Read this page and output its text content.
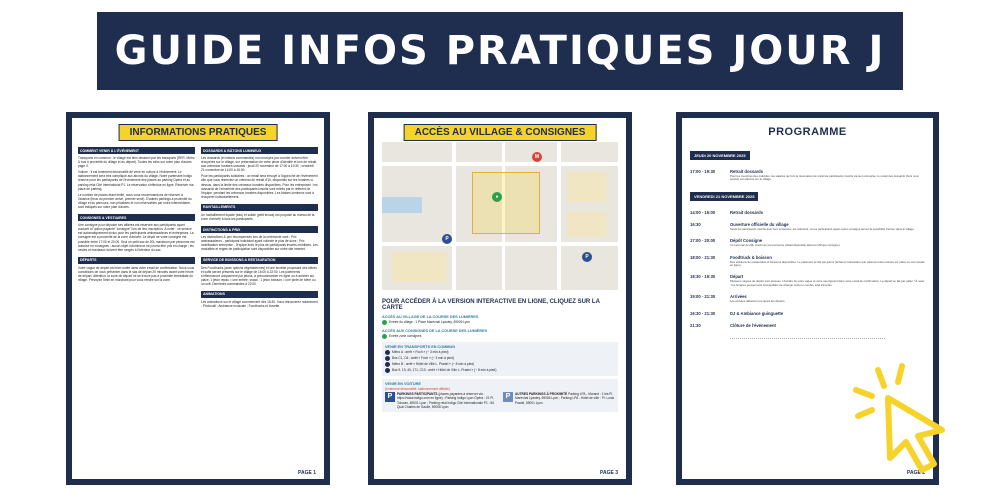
GUIDE INFOS PRATIQUES JOUR J
INFORMATIONS PRATIQUES
COMMENT VENIR À L'ÉVÉNEMENT
Transports en commun : le village est bien desservi par les transports (RER, Métro & bus à proximité du village et du départ). Toutes les infos sur notre plan d'accès page 3.
Voiture : Il est fortement déconseillé de venir en voiture à l'événement. Le stationnement sera très compliqué aux abords du village. Notre partenaire Indigo réserve pour les participants de l'événement des places au parking Opéra et au parking relai Cité International P1. Le réservation s'effectue en ligne. Réserver ma place de parking.
Le nombre de places étant limité, nous vous recommandons de réserver à l'avance (lieux du premier arrivé, premier servi). D'autres parkings à proximité du village et du parcours, non privatisés et non réservables par notre intermédiaire, sont indiqués sur notre plan d'accès.
CONSIGNES & VESTIAIRES
Une consigne pour déposer ses affaires est réservée aux participants ayant souscrit à l'option payante "consigne" lors de leur inscription. À noter : ce service est automatiquement inclus pour les participants ambassadeurs et entreprises. La consigne est à proximité de la zone d'arrivée. Le dépôt de votre consigne est possible entre 17:00 et 20:00. Seul un petit sac de 20L maximum par personne est autorisé en consignes : aucun objet volumineux ne pourra être pris en charge ; les vestes et manteaux doivent être rangés à l'intérieur du sac.
DÉPARTS
Votre vague de départ est bien notée dans votre email de confirmation. Nous vous conseillons de vous présenter dans le sas de départ 20 minutes avant votre heure de départ. Attention, la zone de départ ne se trouve pas à proximité immédiate du village. Prévoyez 5min en marchant pour vous rendre sur la zone.
DOSSARDS & BÂTONS LUMINEUX
Les dossards (et bâtons commandés) non envoyés par courrier doivent être récupérés sur le village, sur présentation de votre pièce d'identité et bon de retrait, aux créneaux horaires suivants : jeudi 20 novembre de 17:00 à 19:30 ; vendredi 21 novembre de 14:00 à 16:00.
Pour les participants solidaires : un email sera envoyé à l'approche de l'événement afin que vous réserviez un créneau de retrait d'1h, disponible sur les horaires ci-dessus, dans la limite des créneaux horaires disponibles. Pour les entreprises : les dossards de l'ensemble des participants inscrits sont retirés par le référent de l'équipe, pendant les créneaux horaires disponibles. Les bâtons lumineux sont à récupérer individuellement.
RAVITAILLEMENTS
Un ravitaillement liquide (eau) et solide (petit encas) est proposé au niveau de la zone d'arrivée à tous les participants.
DISTINCTIONS & PRIX
Les distinctions & prix récompensés lors de la cérémonie sont : Prix ambassadeurs - participant individuel ayant collecté le plus de dons ; Prix mobilisation entreprise - l'équipe avec le plus de participants inscrits mobilisés. Les modalités et règles de participation sont disponibles sur notre site internet.
SERVICE DE BOISSONS & RESTAURATION
Des Foodtrucks (avec options végétariennes) et une buvette proposant des bières et softs seront présents sur le village de 16:00 à 22:00. Les paiements s'effectueront uniquement par jetons, à précommander en ligne ou à acheter sur place. 1 jeton repas = une entrée, snack ; 1 jeton boisson = une pinte de bière ou un soft. Dernières commandes à 22:00.
ANIMATIONS
Les animations sur le village commencent dès 16:30. Vous retrouverez notamment : Photocall ; Ambiance musicale ; Foodtrucks et buvette.
PAGE 1
ACCÈS AU VILLAGE & CONSIGNES
P
P
M
●
POUR ACCÉDER À LA VERSION INTERACTIVE EN LIGNE, CLIQUEZ SUR LA CARTE
ACCÈS AU VILLAGE DE LA COURSE DES LUMIÈRES
Entrée du village : 1 Place Maréchal Lyautey, 69006 Lyon
ACCÈS AUX CONSIGNES DE LA COURSE DES LUMIÈRES
Entrée zone consignes
VENIR EN TRANSPORTS EN COMMUN
Métro A : arrêt « Foch » (~ 3 min à pied)
Bus C1, C6 : arrêt « Foch » (~ 3 min à pied)
Métro B : arrêt « Hôtel de Ville L. Pradel » (~ 8 min à pied)
Bus 9, 19, 40, 171, C13 : arrêt « Hôtel de Ville L. Pradel » (~ 8 min à pied)
VENIR EN VOITURE
(fortement déconseillé, stationnement difficile)
P	PARKINGS PARTICIPANTS (places payantes à réserver via https://www.indigo.com en ligne) ; Parking Indigo Lyon Opéra : 21 Pl. Tolozan, 69001 Lyon ; Parking relai Indigo Cité Internationale P1 : 84 Quai Charles de Gaulle, 69006 Lyon
P	AUTRES PARKINGS À PROXIMITÉ Parking LPA - Morand : 1 bis Pl. Maréchal Lyautey, 69006 Lyon ; Parking LPA - Hôtel de ville : Pl. Louis Pradel, 69001 Lyon
PAGE 3
PROGRAMME
JEUDI 20 NOVEMBRE 2025
17:00 - 19:30	Retrait dossards
Pour les membres des individus, les salariés qui font la réservation de retrait de participants inscrits via leur entreprise, le retrait des dossards (hors ceux postés) est effectué sur le village.
VENDREDI 21 NOVEMBRE 2025
14:00 - 16:00	Retrait dossards
16:30	Ouverture officielle du village
Seuls les participants inscrits avec leur entreprise, les référents, ou les participants ayant option consigne auront la possibilité d'entrer dans le village.
17:00 - 20:00	Dépôt Consigne
Un petit sac de 20L maximum par personne (détail disponible dans la rubrique consigne).
18:00 - 21:30	Foodtruck & boisson
Des solutions de restauration et boissons disponibles. Le paiement se fait par jetons (achat et restauration par paiement des entrées sur place ou commande en ligne).
18:30 - 19:30	Départ
Plusieurs vagues de départ sont prévues. L'horaire de votre vague et votre sas figurent dans votre email de confirmation. Le départ se fait par palier. *À noter : les horaires peuvent être susceptibles de changer selon le nombre total d'inscrits.
19:00 - 21:30	Arrivées
Les arrivées débutent peu après les départs.
16:30 - 21:30	DJ & Ambiance guinguette
21:30	Clôture de l'événement
PAGE 2
